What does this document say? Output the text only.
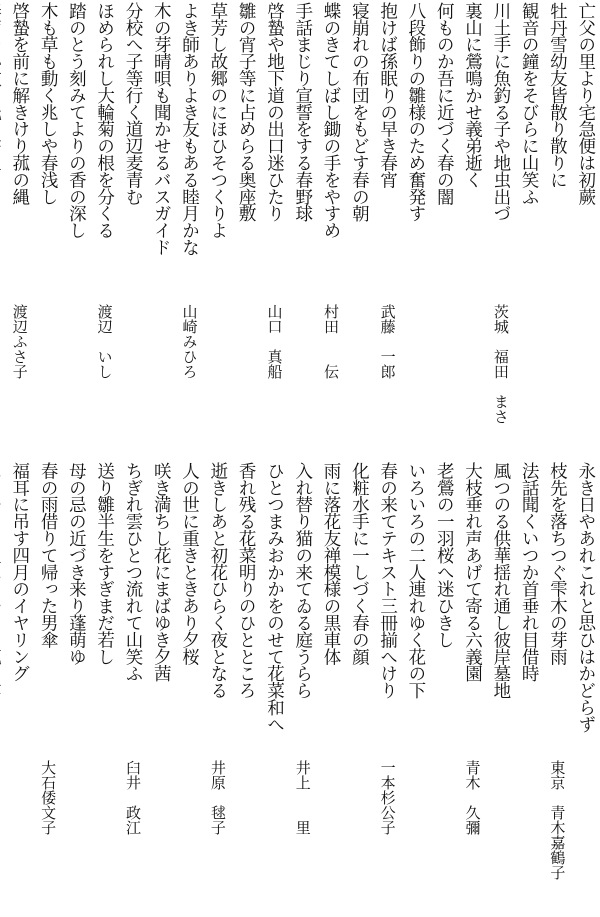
亡父の里より宅急便は初蕨
牡丹雪幼友皆散り散りに
観音の鐘をそびらに山笑ふ
川土手に魚釣る子や地虫出づ
茨城　福田　まさ
裏山に鶯鳴かせ義弟逝く
何ものか吾に近づく春の闇
八段飾りの雛様のため奮発す
抱けば孫眠りの早き春宵
武藤　一郎
寝崩れの布団をもどす春の朝
蝶のきてしばし鋤の手をやすめ
村田　　伝
手話まじり宣誓をする春野球
啓蟄や地下道の出口迷ひたり
山口　真船
雛の宵子等に占めらる奥座敷
草芳し故郷のにほひそつくりよ
よき師ありよき友もある睦月かな
山崎みひろ
木の芽晴唄も聞かせるバスガイド
分校へ子等行く道辺麦青む
ほめられし大輪菊の根を分くる
渡辺　いし
踏のとう刻みてよりの香の深し
木も草も動く兆しや春浅し
啓蟄を前に解きけり菰の縄
渡辺ふさ子
永き日やあれこれと思ひはかどらず
枝先を落ちつぐ雫木の芽雨
東京　青木嘉鶴子
法話聞くいつか首垂れ目借時
風つのる供華揺れ通し彼岸墓地
大枝垂れ声あげて寄る六義園
青木　久彌
老鶯の一羽桜へ迷ひきし
いろいろの二人連れゆく花の下
春の来てテキスト三冊揃へけり
一本杉公子
化粧水手に一しづく春の顔
雨に落花友禅模様の黒車体
入れ替り猫の来てゐる庭うらら
井上　　里
ひとつまみおかかをのせて花菜和へ
香れ残る花菜明りのひとところ
逝きしあと初花ひらく夜となる
井原　毬子
人の世に重きときあり夕桜
咲き満ちし花にまばゆき夕茜
ちぎれ雲ひとつ流れて山笑ふ
臼井　政江
送り雛半生をすぎまだ若し
母の忌の近づき来り蓬萌ゆ
春の雨借りて帰った男傘
大石倭文子
福耳に吊す四月のイヤリング
